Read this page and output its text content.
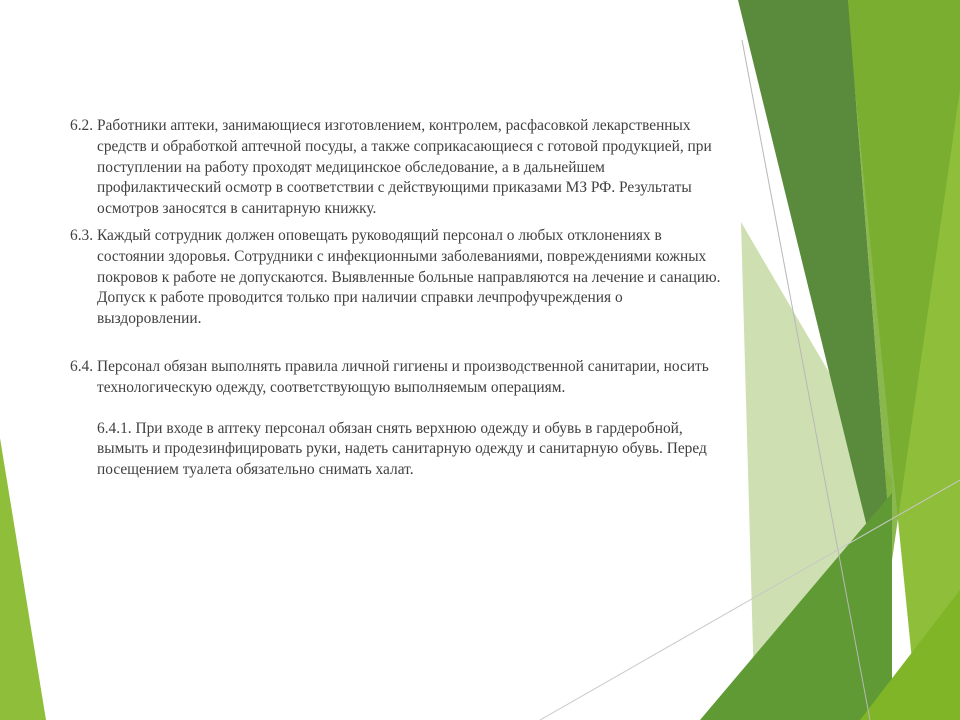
6.2. Работники аптеки, занимающиеся изготовлением, контролем, расфасовкой лекарственных средств и обработкой аптечной посуды, а также соприкасающиеся с готовой продукцией, при поступлении на работу проходят медицинское обследование, а в дальнейшем профилактический осмотр в соответствии с действующими приказами МЗ РФ. Результаты осмотров заносятся в санитарную книжку.

6.3. Каждый сотрудник должен оповещать руководящий персонал о любых отклонениях в состоянии здоровья. Сотрудники с инфекционными заболеваниями, повреждениями кожных покровов к работе не допускаются. Выявленные больные направляются на лечение и санацию. Допуск к работе проводится только при наличии справки лечпрофучреждения о выздоровлении.

6.4. Персонал обязан выполнять правила личной гигиены и производственной санитарии, носить технологическую одежду, соответствующую выполняемым операциям.

6.4.1. При входе в аптеку персонал обязан снять верхнюю одежду и обувь в гардеробной, вымыть и продезинфицировать руки, надеть санитарную одежду и санитарную обувь. Перед посещением туалета обязательно снимать халат.
